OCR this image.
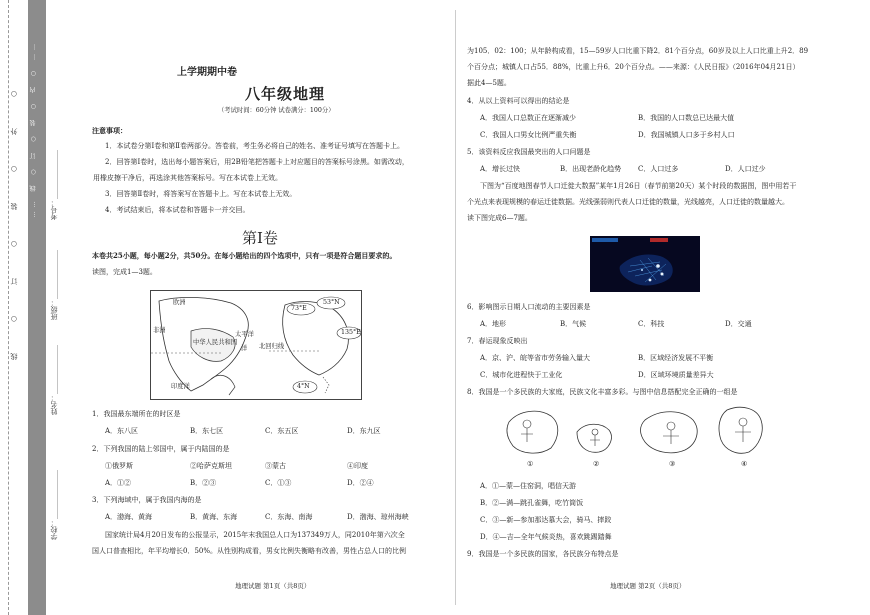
…… 线 ○ 订 ○ 装 ○ 内 ○ ……
线○订○装○外○
学校：______________
姓名：______________
班级：______________
考号：______________
上学期期中卷
八年级地理
（考试时间：60分钟 试卷满分：100分）
注意事项：
1．本试卷分第Ⅰ卷和第Ⅱ卷两部分。答卷前，考生务必将自己的姓名、准考证号填写在答题卡上。
2．回答第Ⅰ卷时，选出每小题答案后，用2B铅笔把答题卡上对应题目的答案标号涂黑。如需改动，
用橡皮擦干净后，再选涂其他答案标号。写在本试卷上无效。
3．回答第Ⅱ卷时，将答案写在答题卡上。写在本试卷上无效。
4．考试结束后，将本试卷和答题卡一并交回。
第Ⅰ卷
本卷共25小题，每小题2分，共50分。在每小题给出的四个选项中，只有一项是符合题目要求的。
读图，完成1—3题。
欧洲
中华人民共和国
非洲
印度洋
北回归线
73°E
53°N
135°E
4°N
太平洋
洋
1．我国最东端所在的时区是
A．东八区	B．东七区	C．东五区	D．东九区
2．下列我国的陆上邻国中，属于内陆国的是
①俄罗斯	②哈萨克斯坦	③蒙古	④印度
A．①②	B．②③	C．①③	D．②④
3．下列海域中，属于我国内海的是
A．渤海、黄海	B．黄海、东海	C．东海、南海	D．渤海、琼州海峡
国家统计局4月20日发布的公报显示，2015年末我国总人口为137349万人，同2010年第六次全
国人口普查相比，年平均增长0．50%。从性别构成看，男女比例失衡略有改善，男性占总人口的比例
地理试题 第1页（共8页）
为105．02：100；从年龄构成看，15—59岁人口比重下降2．81个百分点，60岁及以上人口比重上升2．89
个百分点；城镇人口占55．88%，比重上升6．20个百分点。——来源：《人民日报》（2016年04月21日）
据此4—5题。
4．从以上资料可以得出的结论是
A．我国人口总数正在逐渐减少	B．我国的人口数总已达最大值
C．我国人口男女比例严重失衡	D．我国城镇人口多于乡村人口
5．该资料反应我国最突出的人口问题是
A．增长过快	B．出现老龄化趋势 C．人口过多	D．人口过少
下图为“百度地图春节人口迁徙大数据”某年1月26日（春节前第20天）某个时段的数据图，图中用若干
个光点来表现规模的春运迁徙数据。光线强弱则代表人口迁徙的数量，光线越亮，人口迁徙的数量越大。
读下图完成6—7题。
6．影响图示日期人口流动的主要因素是
A．地形	B．气候	C．科技	D．交通
7．春运现象反映出
A．京、沪、皖等省市劳务输入量大	B．区域经济发展不平衡
C．城市化进程快于工业化	D．区域环境质量差异大
8．我国是一个多民族的大家庭，民族文化丰富多彩。与图中信息搭配完全正确的一组是
①	②	③	④
A．①—蒙—住窑洞，唱信天游
B．②—满—跳孔雀舞，吃竹筒饭
C．③—新—参加那达慕大会，骑马、摔跤
D．④—吉—全年气候炎热，喜欢跳踢踏舞
9．我国是一个多民族的国家，各民族分布特点是
地理试题 第2页（共8页）
